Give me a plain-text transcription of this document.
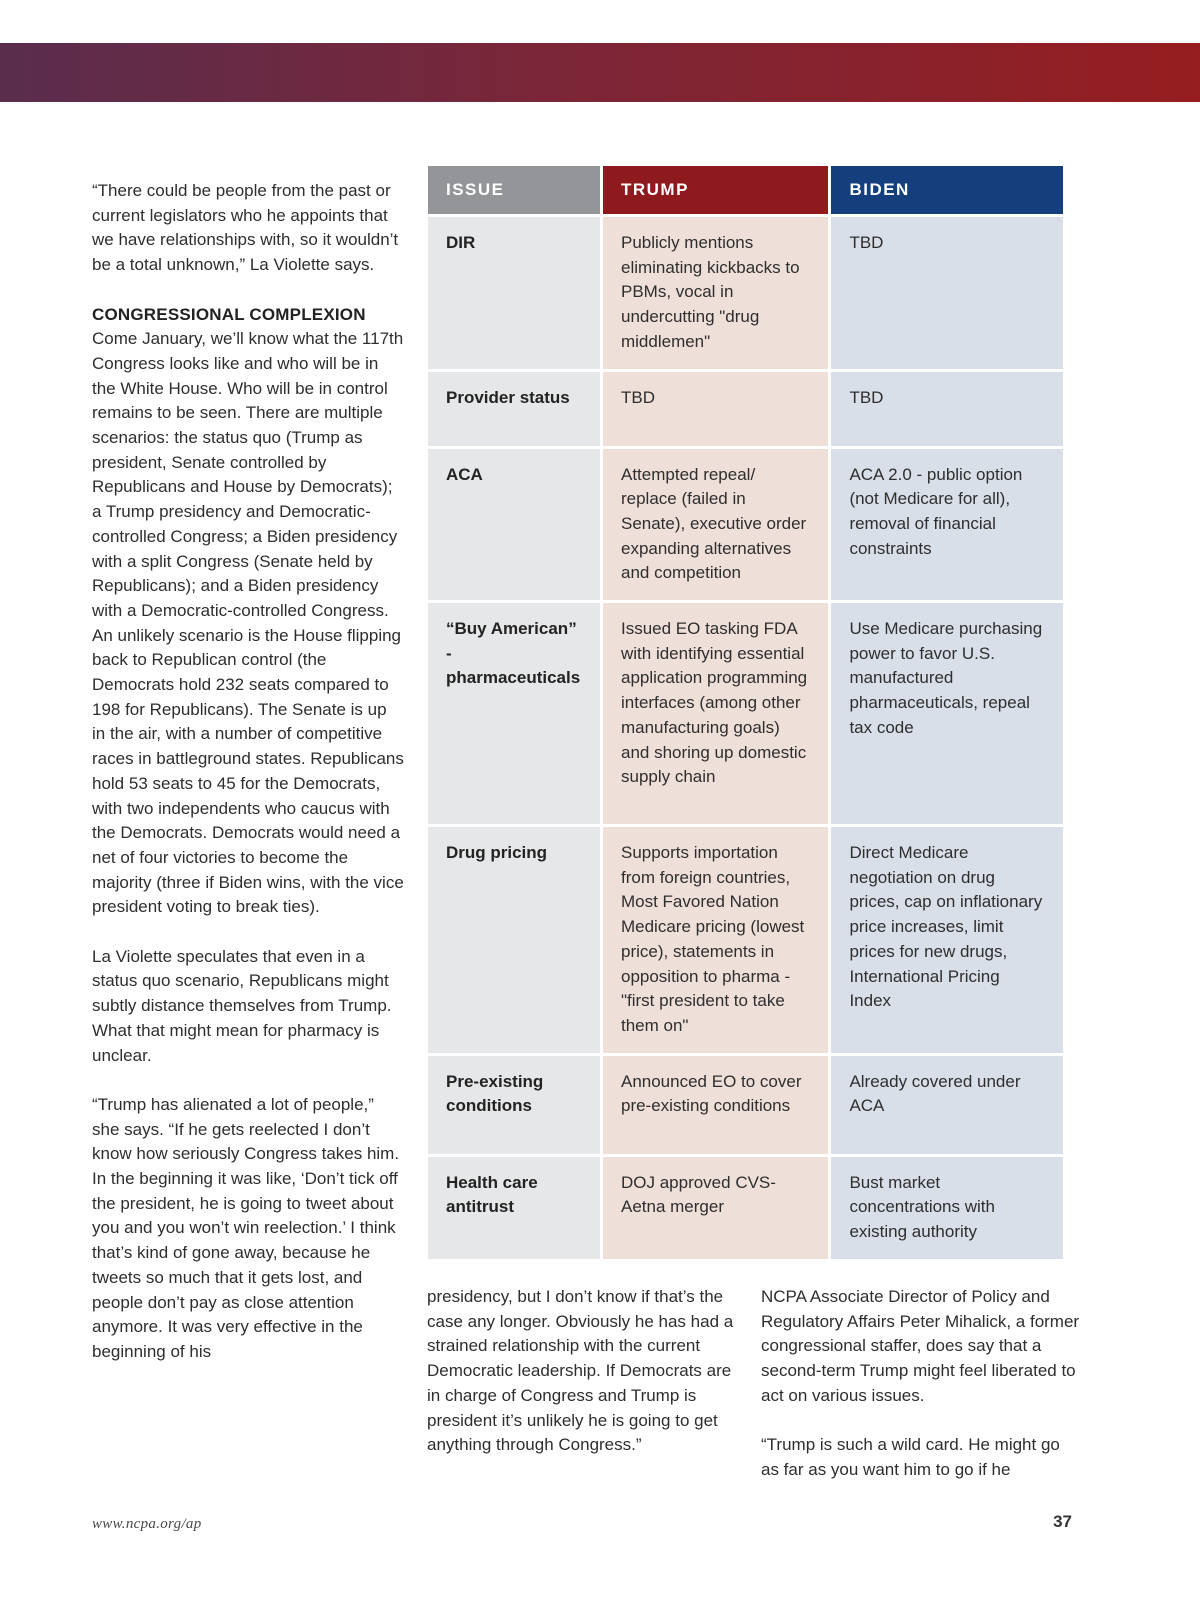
“There could be people from the past or current legislators who he appoints that we have relationships with, so it wouldn’t be a total unknown,” La Violette says.

CONGRESSIONAL COMPLEXION

Come January, we’ll know what the 117th Congress looks like and who will be in the White House. Who will be in control remains to be seen. There are multiple scenarios: the status quo (Trump as president, Senate controlled by Republicans and House by Democrats); a Trump presidency and Democratic-controlled Congress; a Biden presidency with a split Congress (Senate held by Republicans); and a Biden presidency with a Democratic-controlled Congress. An unlikely scenario is the House flipping back to Republican control (the Democrats hold 232 seats compared to 198 for Republicans). The Senate is up in the air, with a number of competitive races in battleground states. Republicans hold 53 seats to 45 for the Democrats, with two independents who caucus with the Democrats. Democrats would need a net of four victories to become the majority (three if Biden wins, with the vice president voting to break ties).

La Violette speculates that even in a status quo scenario, Republicans might subtly distance themselves from Trump. What that might mean for pharmacy is unclear.

“Trump has alienated a lot of people,” she says. “If he gets reelected I don’t know how seriously Congress takes him. In the beginning it was like, ‘Don’t tick off the president, he is going to tweet about you and you won’t win reelection.’ I think that’s kind of gone away, because he tweets so much that it gets lost, and people don’t pay as close attention anymore. It was very effective in the beginning of his

ISSUE	TRUMP	BIDEN
DIR	Publicly mentions eliminating kickbacks to PBMs, vocal in undercutting "drug middlemen"	TBD
Provider status	TBD	TBD
ACA	Attempted repeal/ replace (failed in Senate), executive order expanding alternatives and competition	ACA 2.0 - public option (not Medicare for all), removal of financial constraints
“Buy American” - pharmaceuticals	Issued EO tasking FDA with identifying essential application programming interfaces (among other manufacturing goals) and shoring up domestic supply chain	Use Medicare purchasing power to favor U.S. manufactured pharmaceuticals, repeal tax code
Drug pricing	Supports importation from foreign countries, Most Favored Nation Medicare pricing (lowest price), statements in opposition to pharma - "first president to take them on"	Direct Medicare negotiation on drug prices, cap on inflationary price increases, limit prices for new drugs, International Pricing Index
Pre-existing conditions	Announced EO to cover pre-existing conditions	Already covered under ACA
Health care antitrust	DOJ approved CVS-Aetna merger	Bust market concentrations with existing authority

presidency, but I don’t know if that’s the case any longer. Obviously he has had a strained relationship with the current Democratic leadership. If Democrats are in charge of Congress and Trump is president it’s unlikely he is going to get anything through Congress.”

NCPA Associate Director of Policy and Regulatory Affairs Peter Mihalick, a former congressional staffer, does say that a second-term Trump might feel liberated to act on various issues.

“Trump is such a wild card. He might go as far as you want him to go if he

www.ncpa.org/ap	37
